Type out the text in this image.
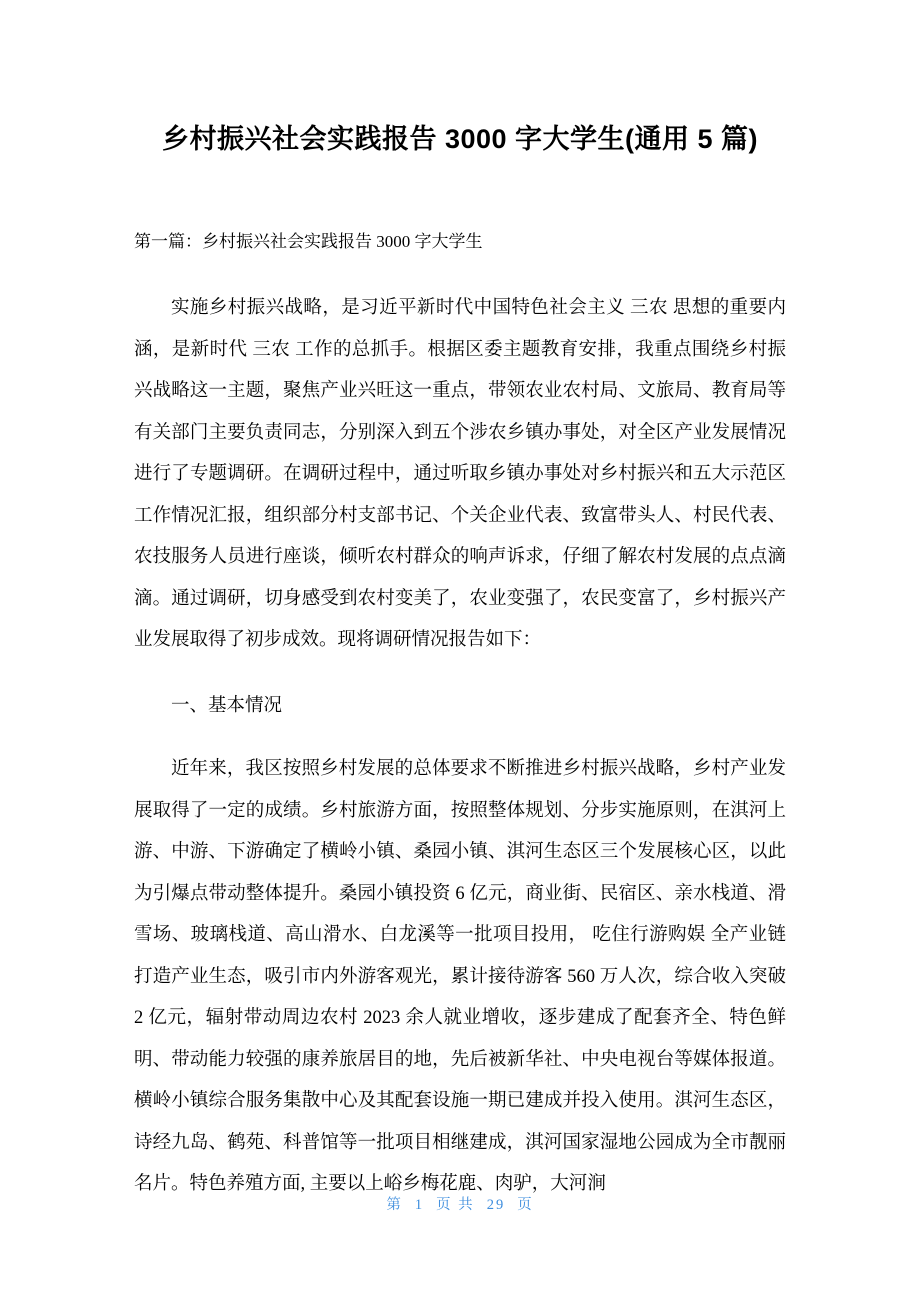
乡村振兴社会实践报告 3000 字大学生(通用 5 篇)
第一篇：乡村振兴社会实践报告 3000 字大学生

实施乡村振兴战略，是习近平新时代中国特色社会主义 三农 思想的重要内涵，是新时代 三农 工作的总抓手。根据区委主题教育安排，我重点围绕乡村振兴战略这一主题，聚焦产业兴旺这一重点，带领农业农村局、文旅局、教育局等有关部门主要负责同志，分别深入到五个涉农乡镇办事处，对全区产业发展情况进行了专题调研。在调研过程中，通过听取乡镇办事处对乡村振兴和五大示范区工作情况汇报，组织部分村支部书记、个关企业代表、致富带头人、村民代表、农技服务人员进行座谈，倾听农村群众的响声诉求，仔细了解农村发展的点点滴滴。通过调研，切身感受到农村变美了，农业变强了，农民变富了，乡村振兴产业发展取得了初步成效。现将调研情况报告如下：

一、基本情况

近年来，我区按照乡村发展的总体要求不断推进乡村振兴战略，乡村产业发展取得了一定的成绩。乡村旅游方面，按照整体规划、分步实施原则，在淇河上游、中游、下游确定了横岭小镇、桑园小镇、淇河生态区三个发展核心区，以此为引爆点带动整体提升。桑园小镇投资 6 亿元，商业街、民宿区、亲水栈道、滑雪场、玻璃栈道、高山滑水、白龙溪等一批项目投用， 吃住行游购娱 全产业链打造产业生态，吸引市内外游客观光，累计接待游客 560 万人次，综合收入突破 2 亿元，辐射带动周边农村 2023 余人就业增收，逐步建成了配套齐全、特色鲜明、带动能力较强的康养旅居目的地，先后被新华社、中央电视台等媒体报道。横岭小镇综合服务集散中心及其配套设施一期已建成并投入使用。淇河生态区，诗经九岛、鹤苑、科普馆等一批项目相继建成，淇河国家湿地公园成为全市靓丽名片。特色养殖方面, 主要以上峪乡梅花鹿、肉驴，大河涧

第 1 页 共 29 页
